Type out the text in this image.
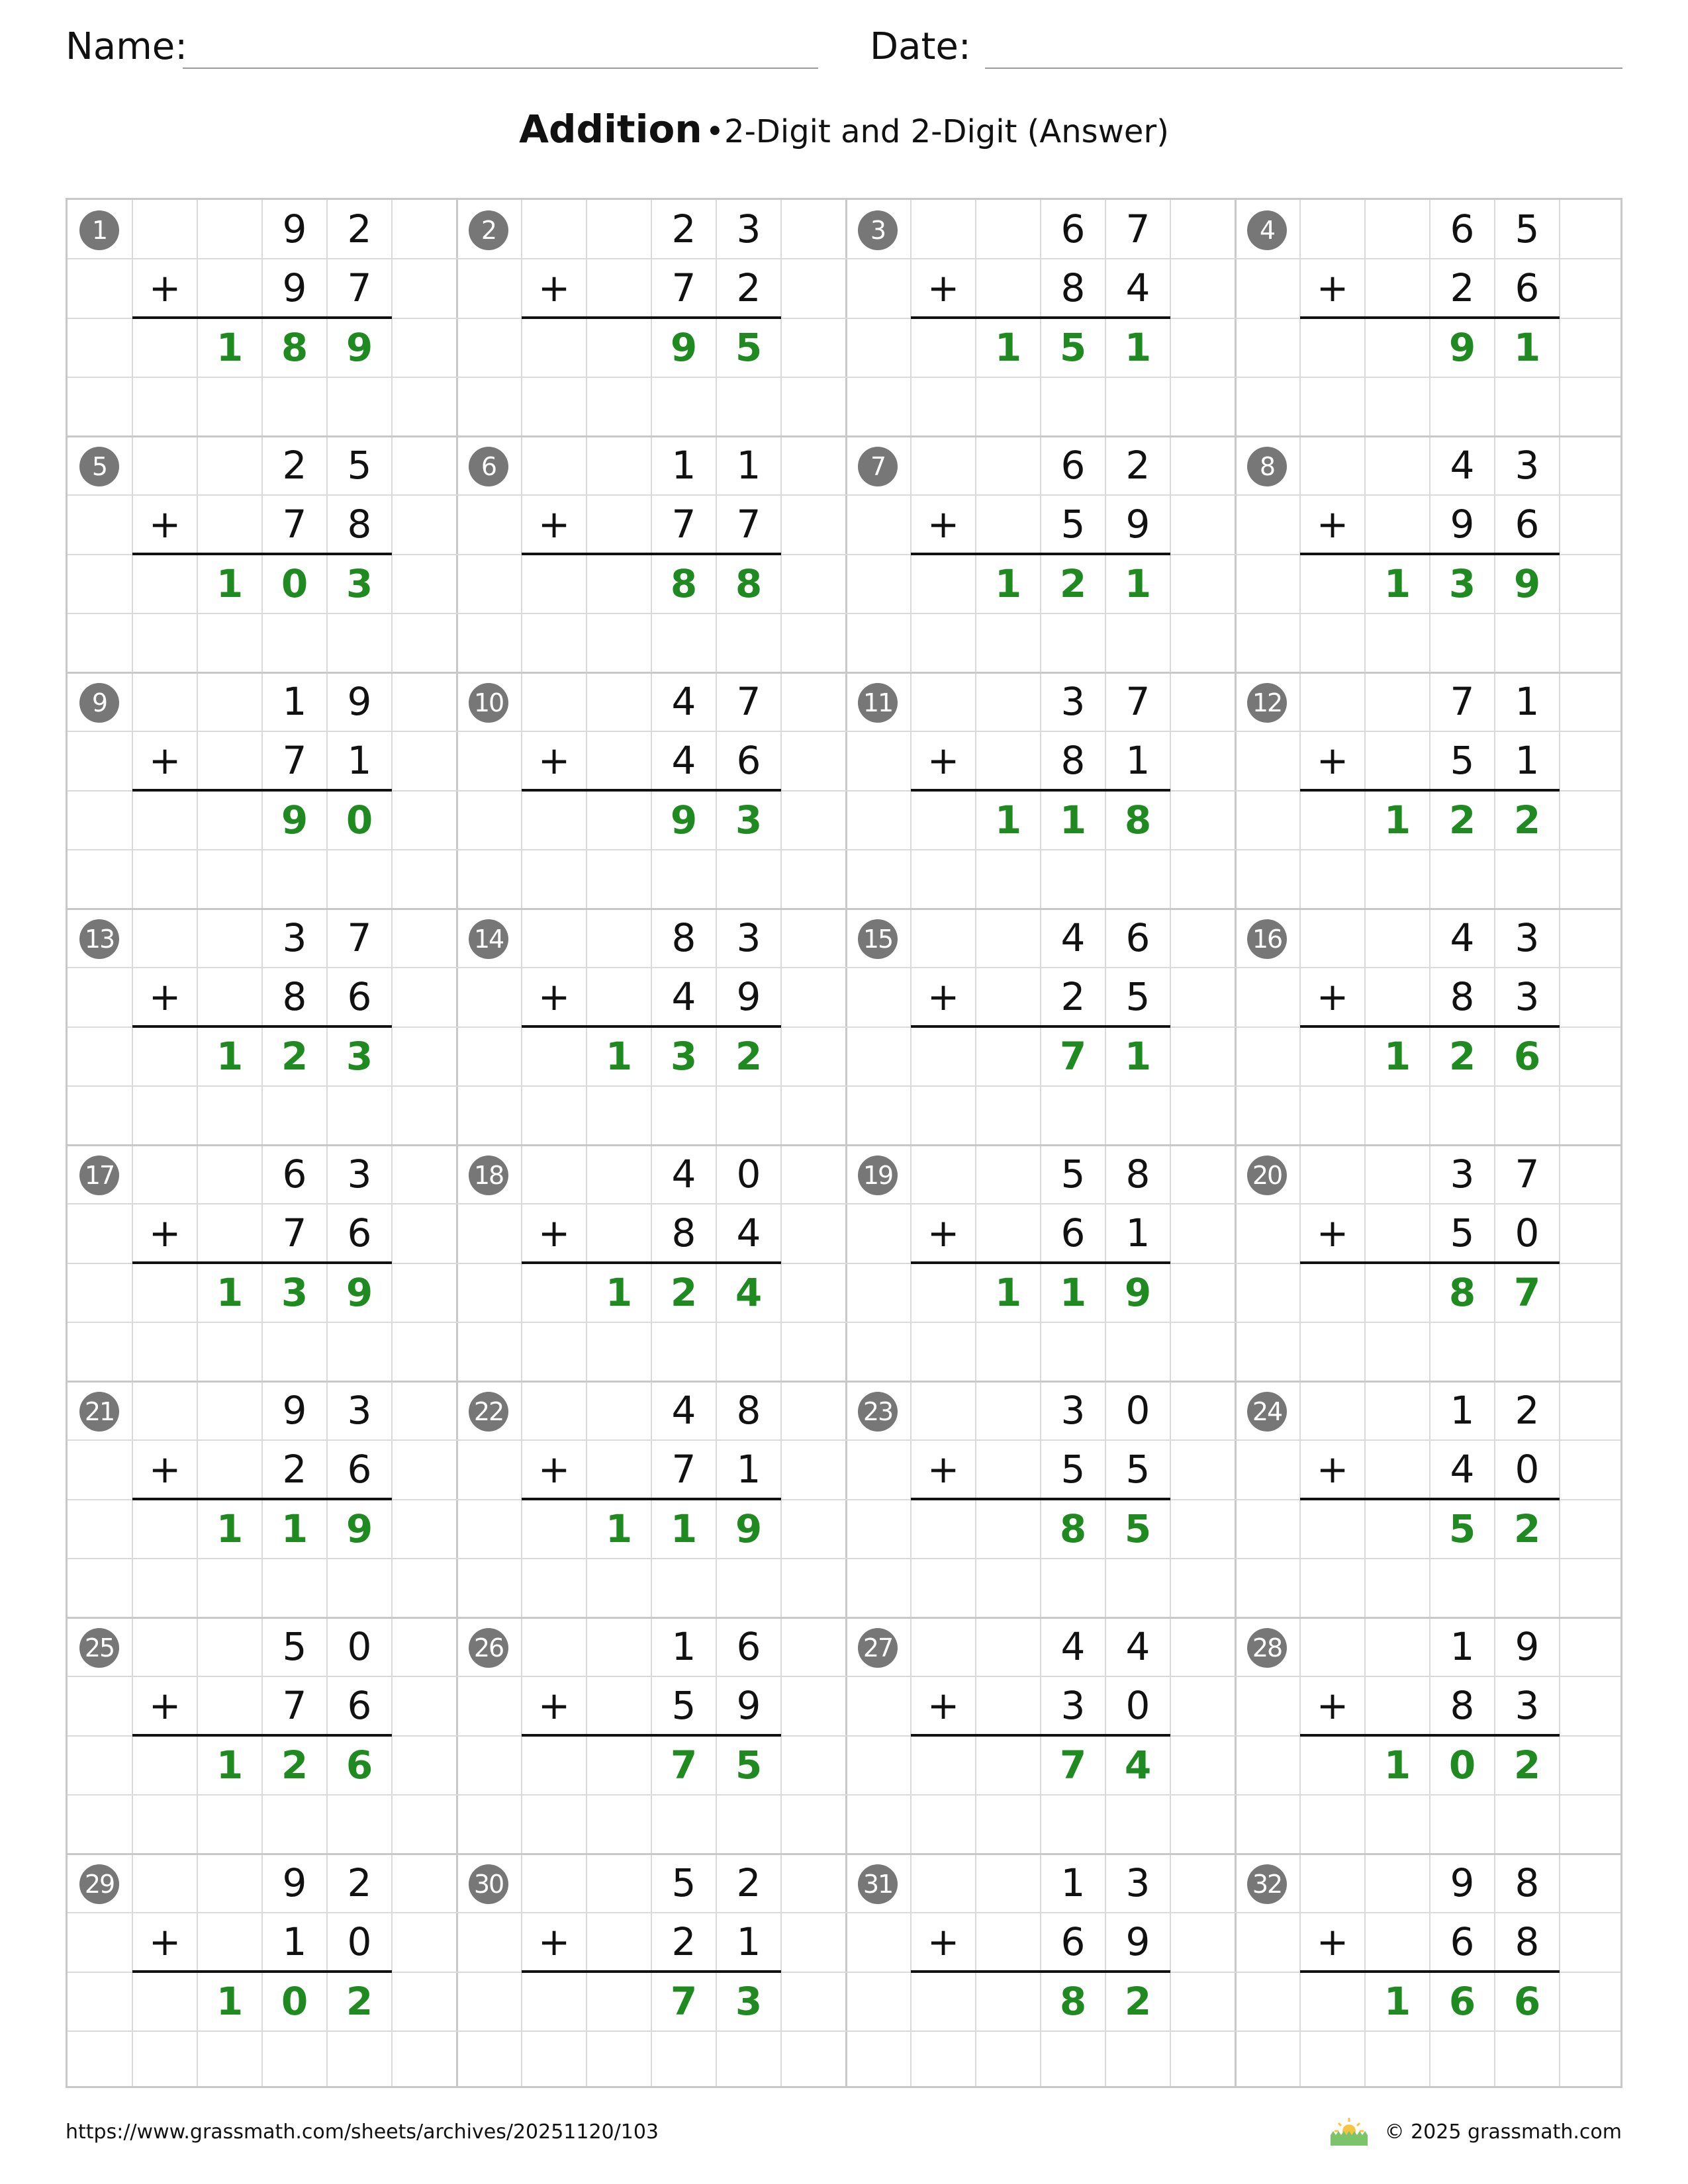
Name:	Date:
Addition •2-Digit and 2-Digit (Answer)
1	9	2
+	9	7
1 8 9
2	2	3
+	7	2
9 5
3	6	7
+	8	4
1 5 1
4	6	5
+	2	6
9 1
5	2	5
+	7	8
1 0 3
6	1	1
+	7	7
8 8
7	6	2
+	5	9
1 2 1
8	4	3
+	9	6
1 3 9
9	1	9
+	7	1
9 0
10	4	7
+	4	6
9 3
11	3	7
+	8	1
1 1 8
12	7	1
+	5	1
1 2 2
13	3	7
+	8	6
1 2 3
14	8	3
+	4	9
1 3 2
15	4	6
+	2	5
7 1
16	4	3
+	8	3
1 2 6
17	6	3
+	7	6
1 3 9
18	4	0
+	8	4
1 2 4
19	5	8
+	6	1
1 1 9
20	3	7
+	5	0
8 7
21	9	3
+	2	6
1 1 9
22	4	8
+	7	1
1 1 9
23	3	0
+	5	5
8 5
24	1	2
+	4	0
5 2
25	5	0
+	7	6
1 2 6
26	1	6
+	5	9
7 5
27	4	4
+	3	0
7 4
28	1	9
+	8	3
1 0 2
29	9	2
+	1	0
1 0 2
30	5	2
+	2	1
7 3
31	1	3
+	6	9
8 2
32	9	8
+	6	8
1 6 6
https://www.grassmath.com/sheets/archives/20251120/103	© 2025 grassmath.com
